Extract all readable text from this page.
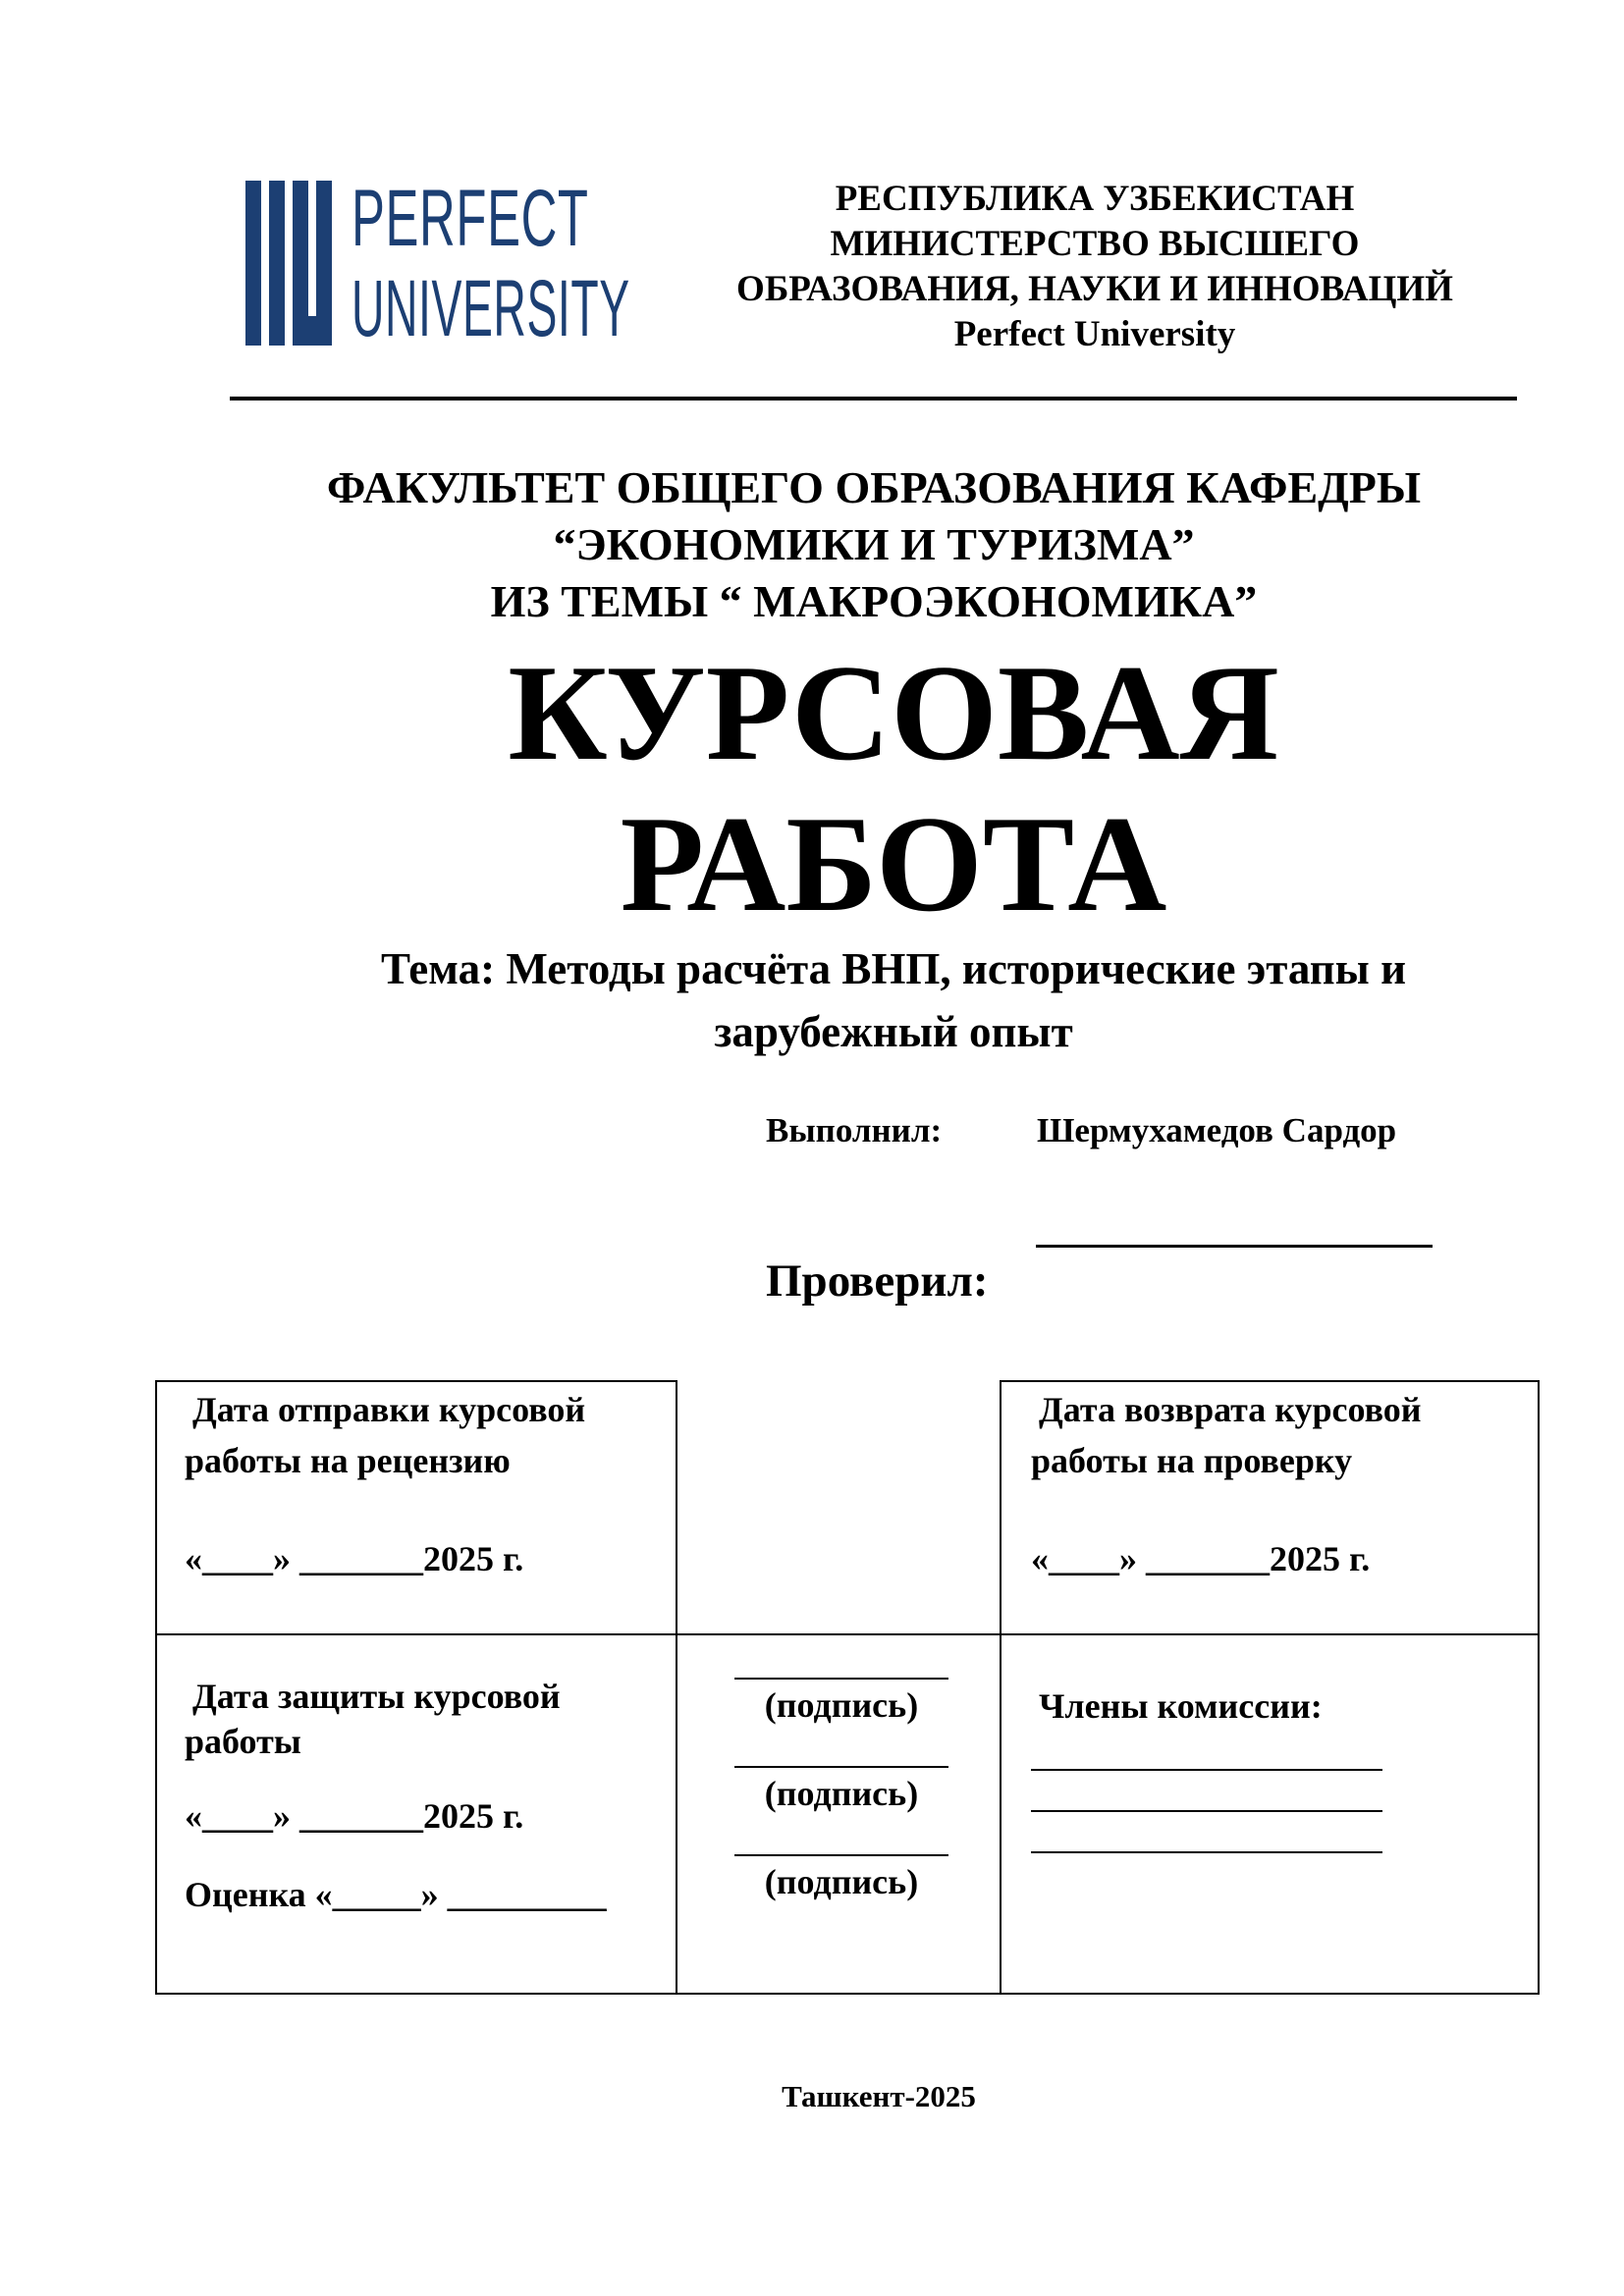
PERFECT
UNIVERSITY
РЕСПУБЛИКА УЗБЕКИСТАН
МИНИСТЕРСТВО ВЫСШЕГО
ОБРАЗОВАНИЯ, НАУКИ И ИННОВАЦИЙ
Perfect University
ФАКУЛЬТЕТ ОБЩЕГО ОБРАЗОВАНИЯ КАФЕДРЫ
“ЭКОНОМИКИ И ТУРИЗМА”
ИЗ ТЕМЫ “ МАКРОЭКОНОМИКА”
КУРСОВАЯ
РАБОТА
Тема: Методы расчёта ВНП, исторические этапы и
зарубежный опыт
Выполнил:	Шермухамедов Сардор
Проверил:
Дата отправки курсовой
работы на рецензию
«____» _______2025 г.
Дата возврата курсовой
работы на проверку
«____» _______2025 г.
Дата защиты курсовой
работы
«____» _______2025 г.
Оценка «_____» _________
(подпись)
(подпись)
(подпись)
Члены комиссии:
Ташкент-2025
